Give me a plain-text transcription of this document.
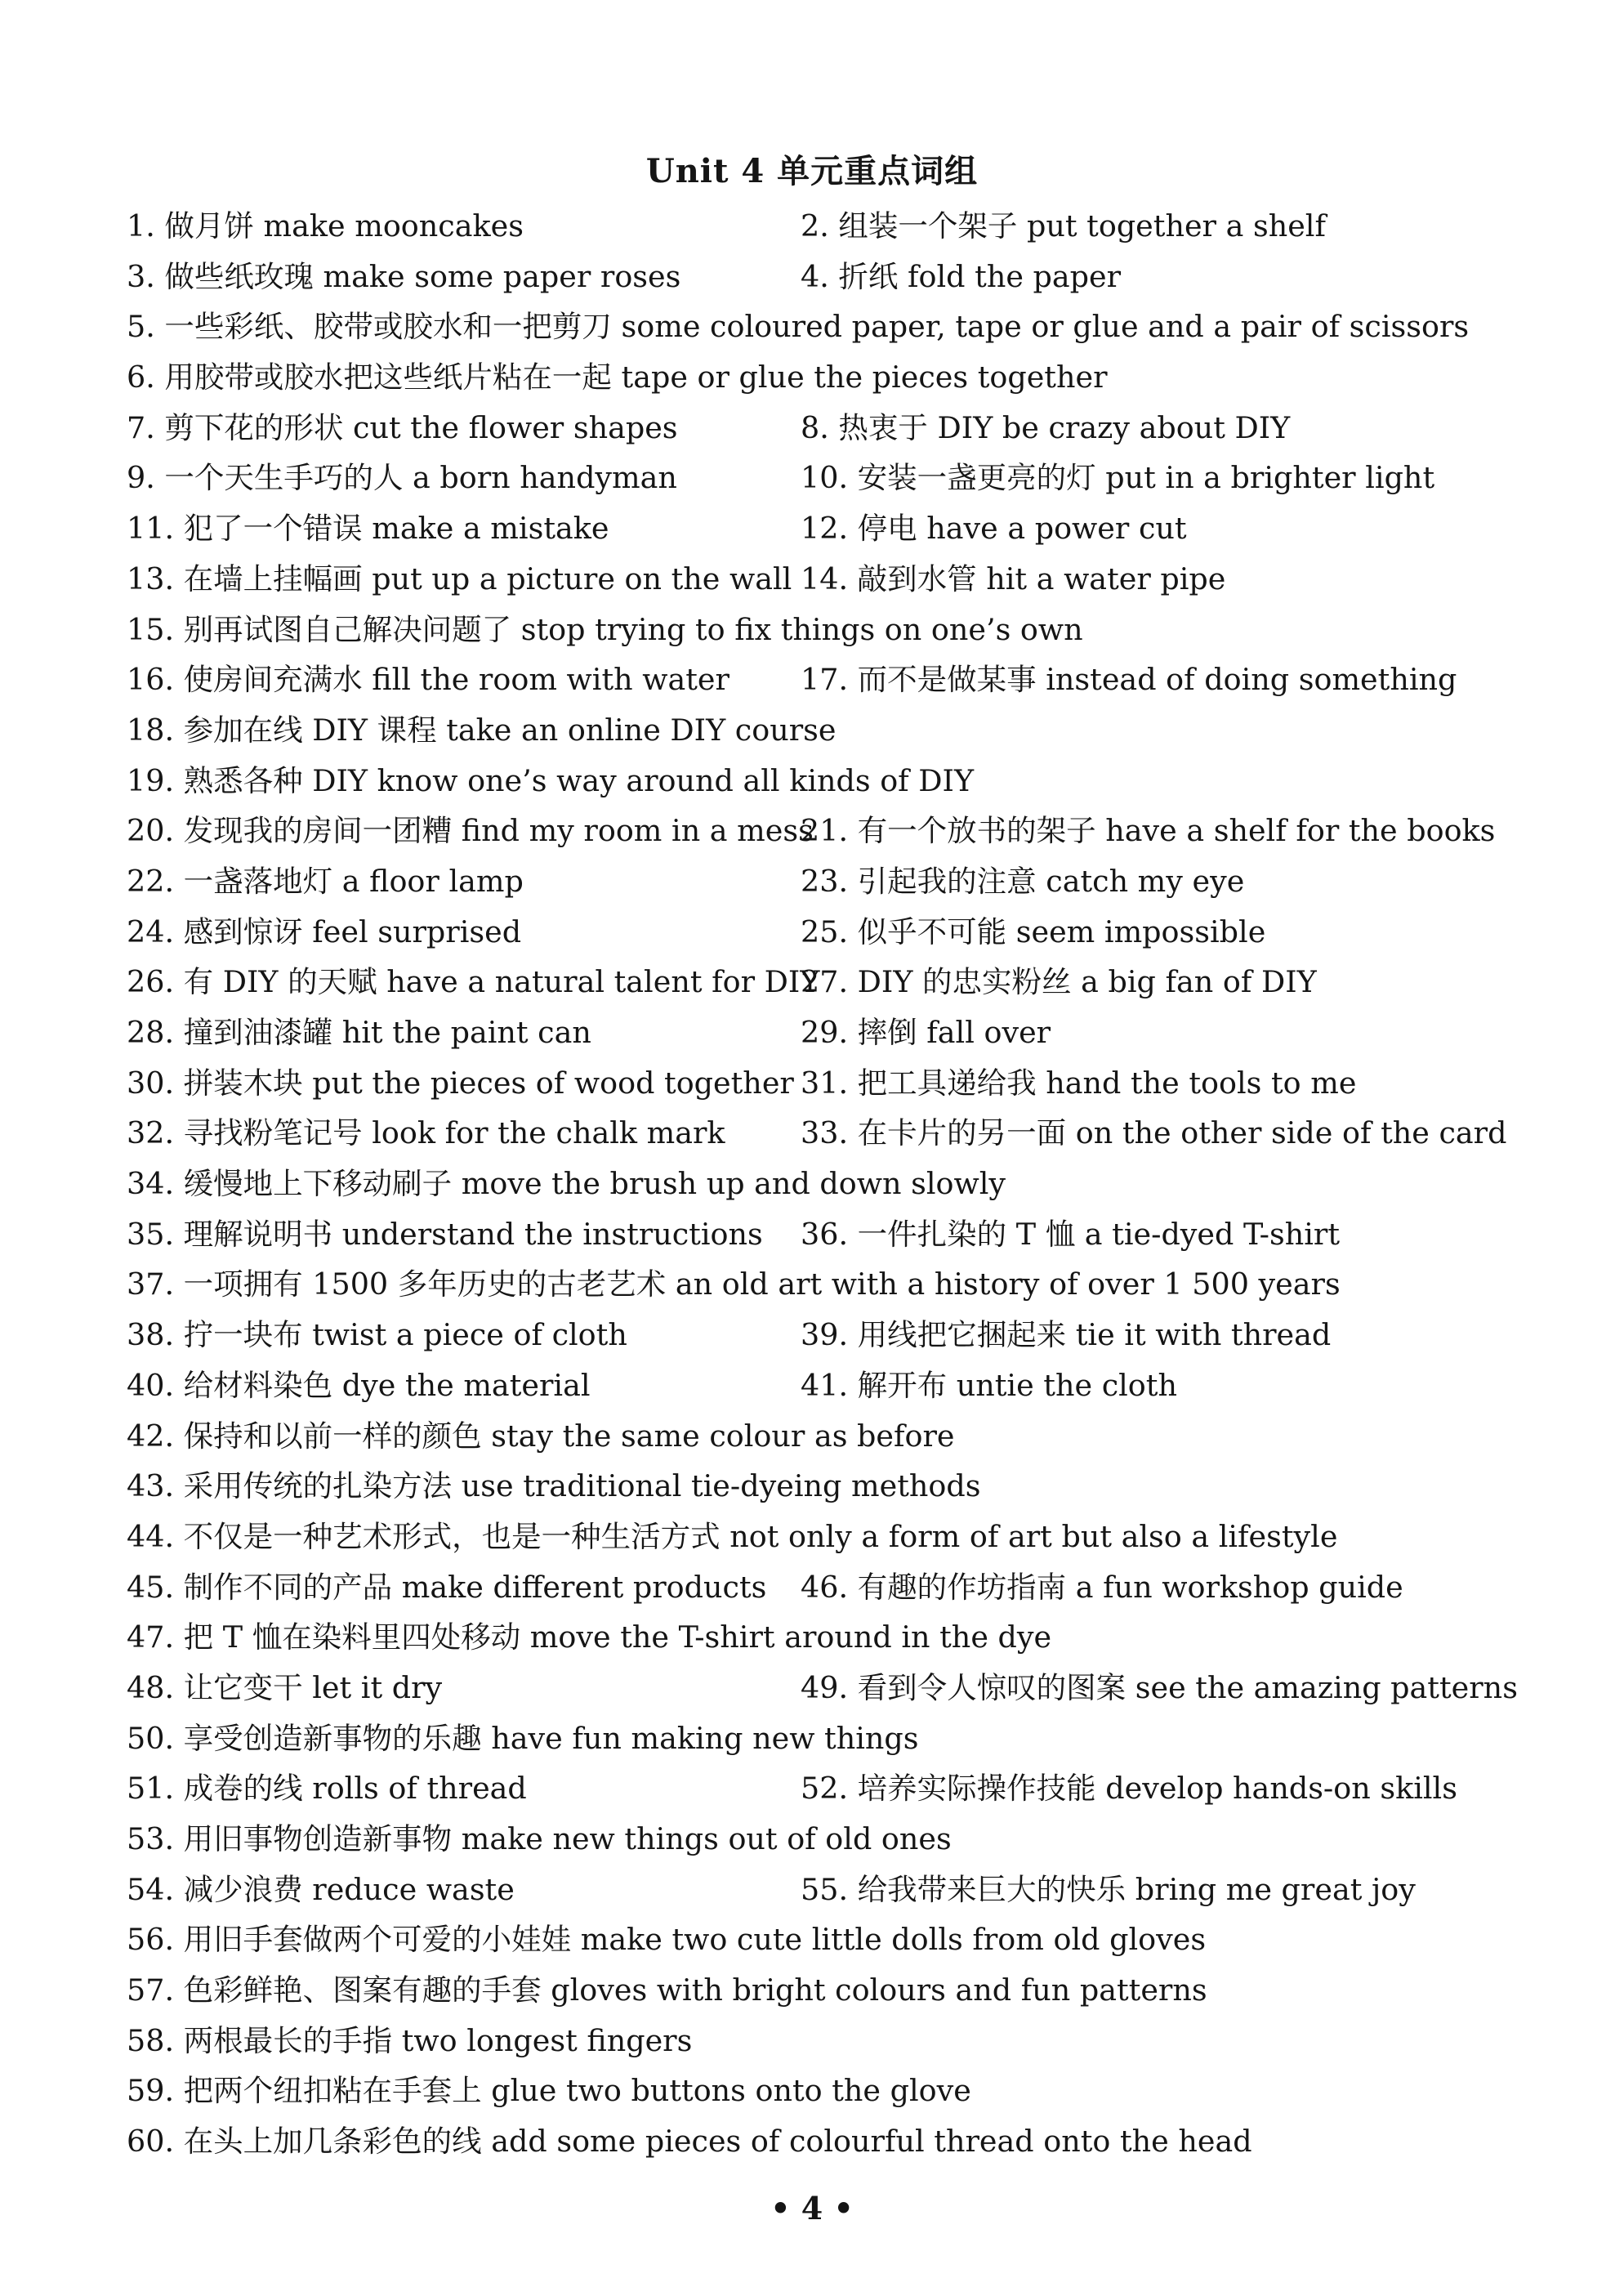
Unit 4 单元重点词组
1. 做月饼 make mooncakes	2. 组装一个架子 put together a shelf
3. 做些纸玫瑰 make some paper roses	4. 折纸 fold the paper
5. 一些彩纸、胶带或胶水和一把剪刀 some coloured paper, tape or glue and a pair of scissors
6. 用胶带或胶水把这些纸片粘在一起 tape or glue the pieces together
7. 剪下花的形状 cut the flower shapes	8. 热衷于 DIY be crazy about DIY
9. 一个天生手巧的人 a born handyman	10. 安装一盏更亮的灯 put in a brighter light
11. 犯了一个错误 make a mistake	12. 停电 have a power cut
13. 在墙上挂幅画 put up a picture on the wall 14. 敲到水管 hit a water pipe
15. 别再试图自己解决问题了 stop trying to fix things on one’s own
16. 使房间充满水 fill the room with water 17. 而不是做某事 instead of doing something
18. 参加在线 DIY 课程 take an online DIY course
19. 熟悉各种 DIY know one’s way around all kinds of DIY
20. 发现我的房间一团糟 find my room in a mess
21. 有一个放书的架子 have a shelf for the books
22. 一盏落地灯 a floor lamp	23. 引起我的注意 catch my eye
24. 感到惊讶 feel surprised	25. 似乎不可能 seem impossible
26. 有 DIY 的天赋 have a natural talent for DIY
27. DIY 的忠实粉丝 a big fan of DIY
28. 撞到油漆罐 hit the paint can	29. 摔倒 fall over
30. 拼装木块 put the pieces of wood together 31. 把工具递给我 hand the tools to me
32. 寻找粉笔记号 look for the chalk mark	33. 在卡片的另一面 on the other side of the card
34. 缓慢地上下移动刷子 move the brush up and down slowly
35. 理解说明书 understand the instructions 36. 一件扎染的 T 恤 a tie-dyed T-shirt
37. 一项拥有 1500 多年历史的古老艺术 an old art with a history of over 1 500 years
38. 拧一块布 twist a piece of cloth	39. 用线把它捆起来 tie it with thread
40. 给材料染色 dye the material	41. 解开布 untie the cloth
42. 保持和以前一样的颜色 stay the same colour as before
43. 采用传统的扎染方法 use traditional tie-dyeing methods
44. 不仅是一种艺术形式，也是一种生活方式 not only a form of art but also a lifestyle
45. 制作不同的产品 make different products 46. 有趣的作坊指南 a fun workshop guide
47. 把 T 恤在染料里四处移动 move the T-shirt around in the dye
48. 让它变干 let it dry	49. 看到令人惊叹的图案 see the amazing patterns
50. 享受创造新事物的乐趣 have fun making new things
51. 成卷的线 rolls of thread	52. 培养实际操作技能 develop hands-on skills
53. 用旧事物创造新事物 make new things out of old ones
54. 减少浪费 reduce waste	55. 给我带来巨大的快乐 bring me great joy
56. 用旧手套做两个可爱的小娃娃 make two cute little dolls from old gloves
57. 色彩鲜艳、图案有趣的手套 gloves with bright colours and fun patterns
58. 两根最长的手指 two longest fingers
59. 把两个纽扣粘在手套上 glue two buttons onto the glove
60. 在头上加几条彩色的线 add some pieces of colourful thread onto the head
• 4 •
